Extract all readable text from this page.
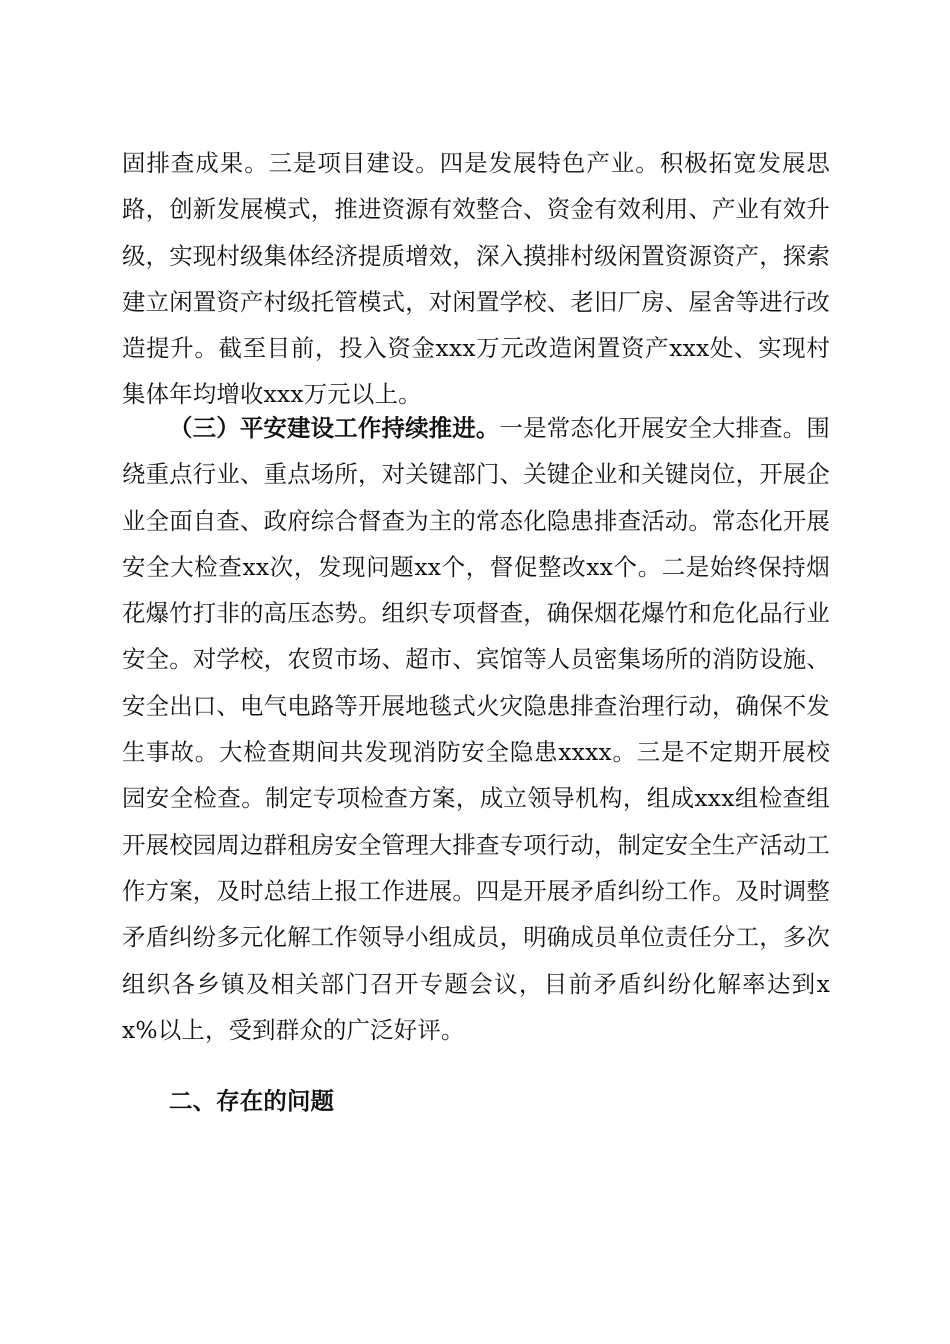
固排查成果。三是项目建设。四是发展特色产业。积极拓宽发展思路，创新发展模式，推进资源有效整合、资金有效利用、产业有效升级，实现村级集体经济提质增效，深入摸排村级闲置资源资产，探索建立闲置资产村级托管模式，对闲置学校、老旧厂房、屋舍等进行改造提升。截至目前，投入资金xxx万元改造闲置资产xxx处、实现村集体年均增收xxx万元以上。

（三）平安建设工作持续推进。一是常态化开展安全大排查。围绕重点行业、重点场所，对关键部门、关键企业和关键岗位，开展企业全面自查、政府综合督查为主的常态化隐患排查活动。常态化开展安全大检查xx次，发现问题xx个，督促整改xx个。二是始终保持烟花爆竹打非的高压态势。组织专项督查，确保烟花爆竹和危化品行业安全。对学校，农贸市场、超市、宾馆等人员密集场所的消防设施、安全出口、电气电路等开展地毯式火灾隐患排查治理行动，确保不发生事故。大检查期间共发现消防安全隐患xxxx。三是不定期开展校园安全检查。制定专项检查方案，成立领导机构，组成xxx组检查组开展校园周边群租房安全管理大排查专项行动，制定安全生产活动工作方案，及时总结上报工作进展。四是开展矛盾纠纷工作。及时调整矛盾纠纷多元化解工作领导小组成员，明确成员单位责任分工，多次组织各乡镇及相关部门召开专题会议，目前矛盾纠纷化解率达到xx%以上，受到群众的广泛好评。

二、存在的问题
